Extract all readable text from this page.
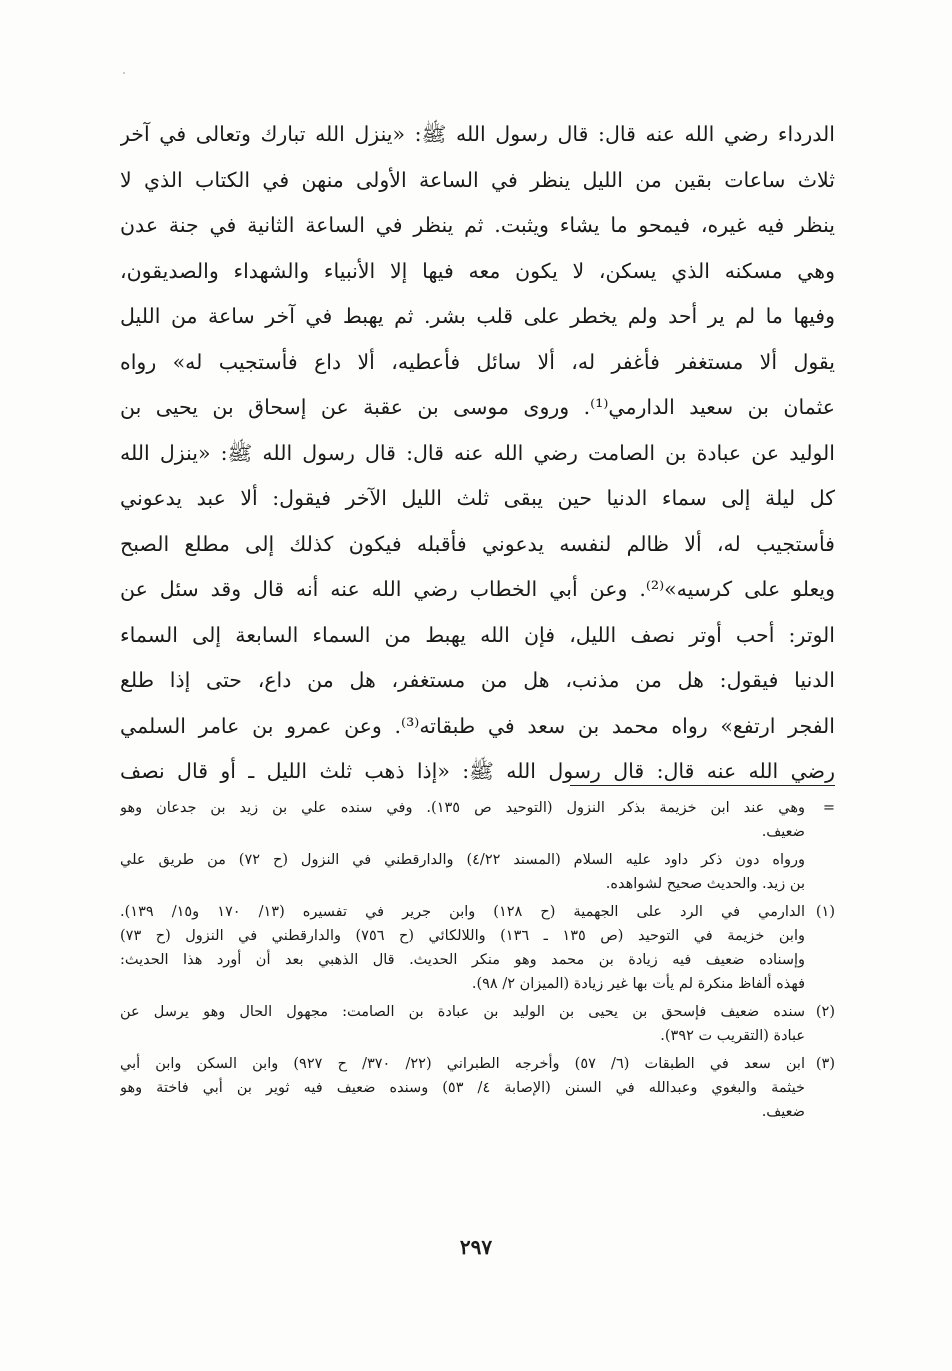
الدرداء رضي الله عنه قال: قال رسول الله ﷺ: «ينزل الله تبارك وتعالى في آخر
ثلاث ساعات بقين من الليل ينظر في الساعة الأولى منهن في الكتاب الذي لا
ينظر فيه غيره، فيمحو ما يشاء ويثبت. ثم ينظر في الساعة الثانية في جنة عدن
وهي مسكنه الذي يسكن، لا يكون معه فيها إلا الأنبياء والشهداء والصديقون،
وفيها ما لم ير أحد ولم يخطر على قلب بشر. ثم يهبط في آخر ساعة من الليل
يقول ألا مستغفر فأغفر له، ألا سائل فأعطيه، ألا داع فأستجيب له» رواه
عثمان بن سعيد الدارمي⁽¹⁾. وروى موسى بن عقبة عن إسحاق بن يحيى بن
الوليد عن عبادة بن الصامت رضي الله عنه قال: قال رسول الله ﷺ: «ينزل الله
كل ليلة إلى سماء الدنيا حين يبقى ثلث الليل الآخر فيقول: ألا عبد يدعوني
فأستجيب له، ألا ظالم لنفسه يدعوني فأقبله فيكون كذلك إلى مطلع الصبح
ويعلو على كرسيه»⁽²⁾. وعن أبي الخطاب رضي الله عنه أنه قال وقد سئل عن
الوتر: أحب أوتر نصف الليل، فإن الله يهبط من السماء السابعة إلى السماء
الدنيا فيقول: هل من مذنب، هل من مستغفر، هل من داع، حتى إذا طلع
الفجر ارتفع» رواه محمد بن سعد في طبقاته⁽³⁾. وعن عمرو بن عامر السلمي
رضي الله عنه قال: قال رسول الله ﷺ: «إذا ذهب ثلث الليل ـ أو قال نصف
=
وهي عند ابن خزيمة بذكر النزول (التوحيد ص ١٣٥). وفي سنده علي بن زيد بن جدعان وهو
ضعيف.
ورواه دون ذكر داود عليه السلام (المسند ٤/٢٢) والدارقطني في النزول (ح ٧٢) من طريق علي
بن زيد. والحديث صحيح لشواهده.
(١)
الدارمي في الرد على الجهمية (ح ١٢٨) وابن جرير في تفسيره (١٣/ ١٧٠ و١٥/ ١٣٩).
وابن خزيمة في التوحيد (ص ١٣٥ ـ ١٣٦) واللالكائي (ح ٧٥٦) والدارقطني في النزول (ح ٧٣)
وإسناده ضعيف فيه زيادة بن محمد وهو منكر الحديث. قال الذهبي بعد أن أورد هذا الحديث:
فهذه ألفاظ منكرة لم يأت بها غير زيادة (الميزان ٢/ ٩٨).
(٢)
سنده ضعيف فإسحق بن يحيى بن الوليد بن عبادة بن الصامت: مجهول الحال وهو يرسل عن
عبادة (التقريب ت ٣٩٢).
(٣)
ابن سعد في الطبقات (٦/ ٥٧) وأخرجه الطبراني (٢٢/ ٣٧٠/ ح ٩٢٧) وابن السكن وابن أبي
خيثمة والبغوي وعبدالله في السنن (الإصابة ٤/ ٥٣) وسنده ضعيف فيه ثوير بن أبي فاختة وهو
ضعيف.
٢٩٧
